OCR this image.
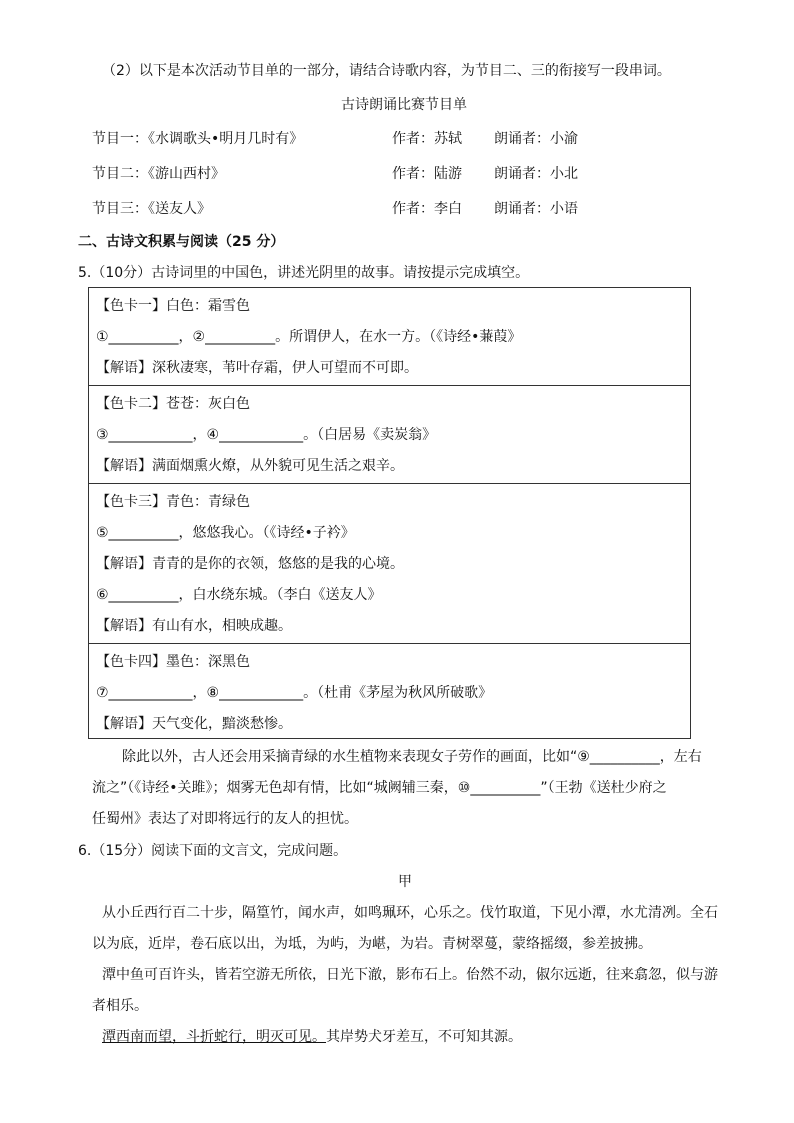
（2）以下是本次活动节目单的一部分，请结合诗歌内容，为节目二、三的衔接写一段串词。
古诗朗诵比赛节目单
节目一：《水调歌头•明月几时有》	作者：苏轼 朗诵者：小渝
节目二：《游山西村》	作者：陆游 朗诵者：小北
节目三：《送友人》	作者：李白 朗诵者：小语
二、古诗文积累与阅读（25 分）
5.（10分）古诗词里的中国色，讲述光阴里的故事。请按提示完成填空。
【色卡一】白色：霜雪色
①__________，②__________。所谓伊人，在水一方。（《诗经•蒹葭》
【解语】深秋凄寒，苇叶存霜，伊人可望而不可即。
【色卡二】苍苍：灰白色
③____________，④____________。（白居易《卖炭翁》
【解语】满面烟熏火燎，从外貌可见生活之艰辛。
【色卡三】青色：青绿色
⑤__________，悠悠我心。（《诗经•子衿》
【解语】青青的是你的衣领，悠悠的是我的心境。
⑥__________，白水绕东城。（李白《送友人》
【解语】有山有水，相映成趣。
【色卡四】墨色：深黑色
⑦____________，⑧____________。（杜甫《茅屋为秋风所破歌》
【解语】天气变化，黯淡愁惨。
除此以外，古人还会用采摘青绿的水生植物来表现女子劳作的画面，比如“⑨__________，左右
流之”（《诗经•关雎》；烟雾无色却有情，比如“城阙辅三秦，⑩__________”（王勃《送杜少府之
任蜀州》表达了对即将远行的友人的担忧。
6.（15分）阅读下面的文言文，完成问题。
甲
从小丘西行百二十步，隔篁竹，闻水声，如鸣珮环，心乐之。伐竹取道，下见小潭，水尤清冽。全石
以为底，近岸，卷石底以出，为坻，为屿，为嵁，为岩。青树翠蔓，蒙络摇缀，参差披拂。
潭中鱼可百许头，皆若空游无所依，日光下澈，影布石上。佁然不动，俶尔远逝，往来翕忽，似与游
者相乐。
潭西南而望，斗折蛇行，明灭可见。其岸势犬牙差互，不可知其源。
